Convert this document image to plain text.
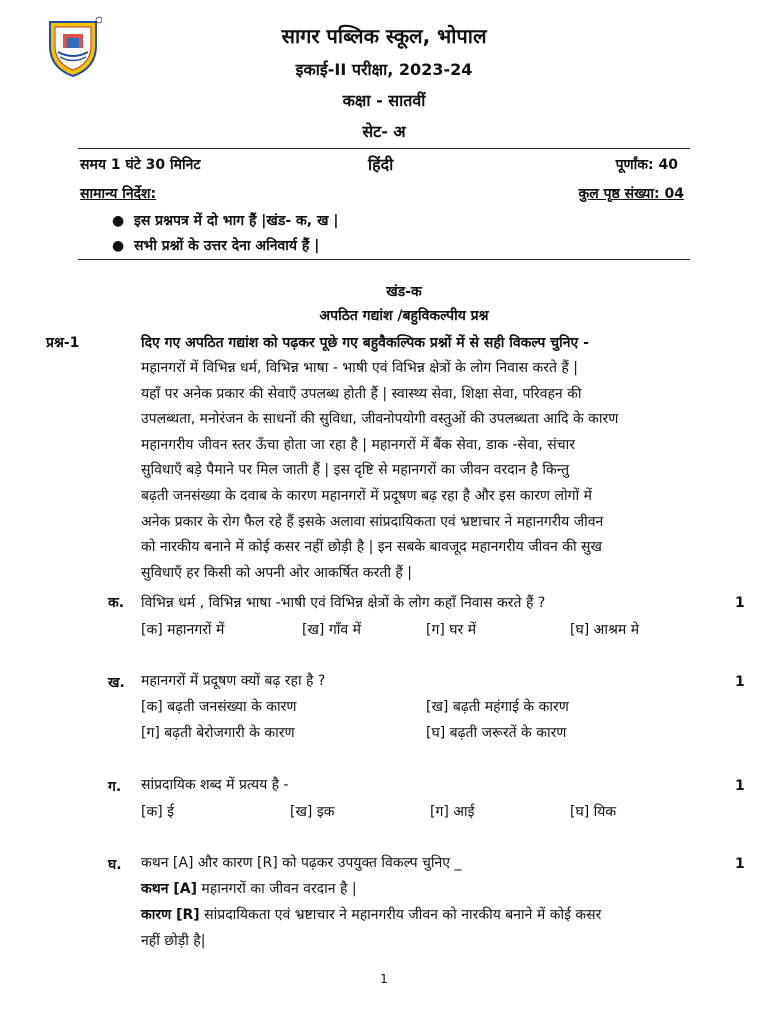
सागर पब्लिक स्कूल, भोपाल
इकाई-II परीक्षा, 2023-24
कक्षा - सातवीं
सेट- अ
समय 1 घंटे 30 मिनिट	हिंदी	पूर्णांक: 40
सामान्य निर्देश:	कुल पृष्ठ संख्या: 04
●  इस प्रश्नपत्र में दो भाग हैं |खंड- क, ख |
●  सभी प्रश्नों के उत्तर देना अनिवार्य हैं |
खंड-क
अपठित गद्यांश /बहुविकल्पीय प्रश्न
प्रश्न-1	दिए गए अपठित गद्यांश को पढ़कर पूछे गए बहुवैकल्पिक प्रश्नों में से सही विकल्प चुनिए -
महानगरों में विभिन्न धर्म, विभिन्न भाषा - भाषी एवं विभिन्न क्षेत्रों के लोग निवास करते हैं |
यहाँ पर अनेक प्रकार की सेवाएँ उपलब्ध होती हैं | स्वास्थ्य सेवा, शिक्षा सेवा, परिवहन की
उपलब्धता, मनोरंजन के साधनों की सुविधा, जीवनोपयोगी वस्तुओं की उपलब्धता आदि के कारण
महानगरीय जीवन स्तर ऊँचा होता जा रहा है | महानगरों में बैंक सेवा, डाक -सेवा, संचार
सुविधाएँ बड़े पैमाने पर मिल जाती हैं | इस दृष्टि से महानगरों का जीवन वरदान है किन्तु
बढ़ती जनसंख्या के दवाब के कारण महानगरों में प्रदूषण बढ़ रहा है और इस कारण लोगों में
अनेक प्रकार के रोग फैल रहे हैं इसके अलावा सांप्रदायिकता एवं भ्रष्टाचार ने महानगरीय जीवन
को नारकीय बनाने में कोई कसर नहीं छोड़ी है | इन सबके बावजूद महानगरीय जीवन की सुख
सुविधाएँ हर किसी को अपनी ओर आकर्षित करती हैं |
क. विभिन्न धर्म , विभिन्न भाषा -भाषी एवं विभिन्न क्षेत्रों के लोग कहाँ निवास करते हैं ?	1
[क] महानगरों में	[ख] गाँव में	[ग] घर में	[घ] आश्रम मे
ख. महानगरों में प्रदूषण क्यों बढ़ रहा है ?	1
[क] बढ़ती जनसंख्या के कारण	[ख] बढ़ती महंगाई के कारण
[ग] बढ़ती बेरोजगारी के कारण	[घ] बढ़ती जरूरतें के कारण
ग. सांप्रदायिक शब्द में प्रत्यय है -	1
[क] ई	[ख] इक	[ग] आई	[घ] यिक
घ. कथन [A] और कारण [R] को पढ़कर उपयुक्त विकल्प चुनिए _	1
कथन [A] महानगरों का जीवन वरदान है |
कारण [R] सांप्रदायिकता एवं भ्रष्टाचार ने महानगरीय जीवन को नारकीय बनाने में कोई कसर
नहीं छोड़ी है|
1
